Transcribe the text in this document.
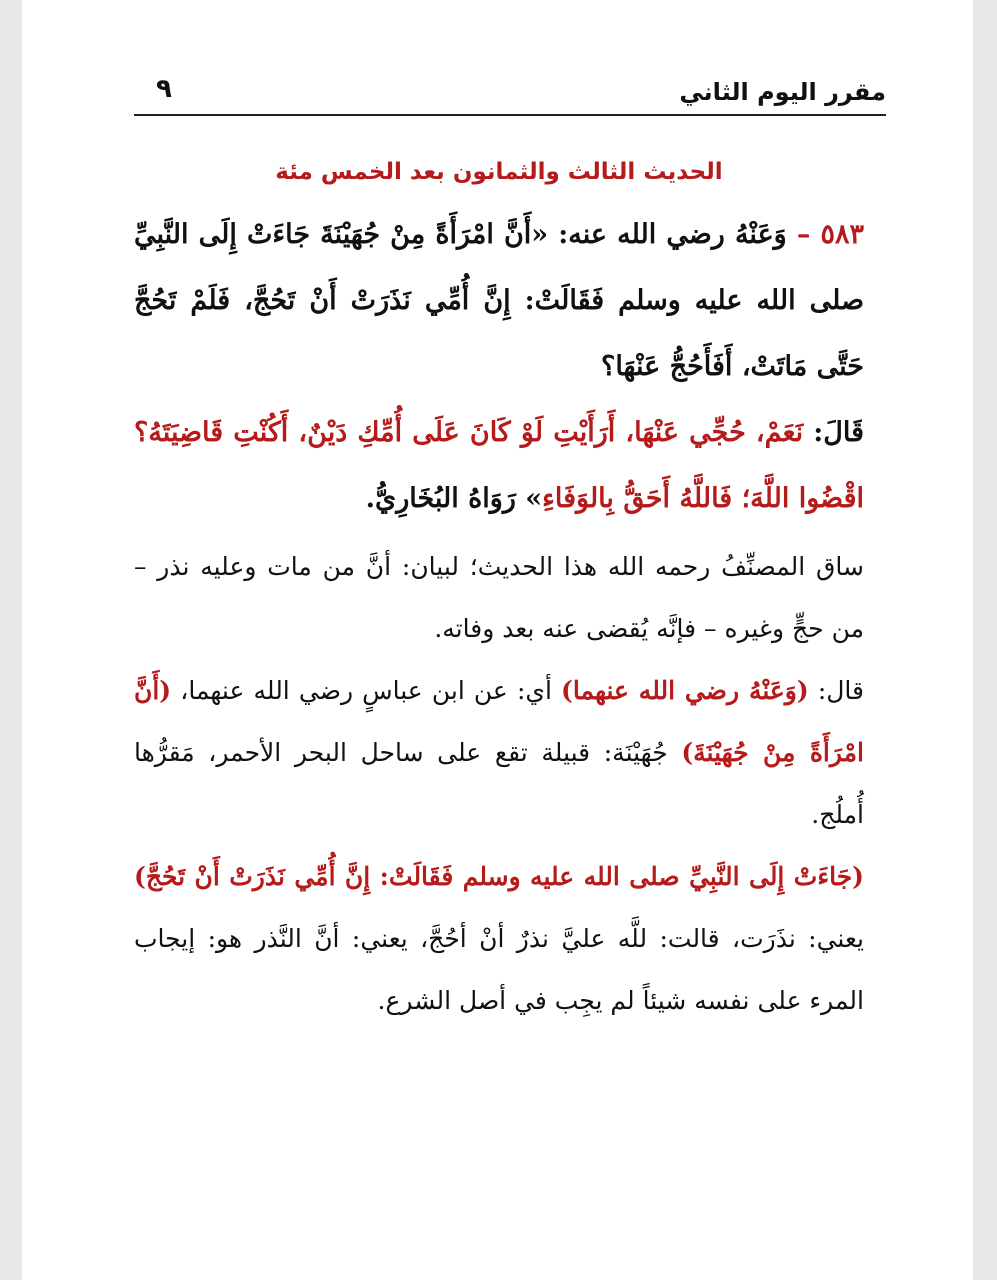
مقرر اليوم الثاني
٩
الحديث الثالث والثمانون بعد الخمس مئة

٥٨٣ – وَعَنْهُ رضي الله عنه: «أَنَّ امْرَأَةً مِنْ جُهَيْنَةَ جَاءَتْ إِلَى النَّبِيِّ صلى الله عليه وسلم فَقَالَتْ: إِنَّ أُمِّي نَذَرَتْ أَنْ تَحُجَّ، فَلَمْ تَحُجَّ حَتَّى مَاتَتْ، أَفَأَحُجُّ عَنْهَا؟

قَالَ: نَعَمْ، حُجِّي عَنْهَا، أَرَأَيْتِ لَوْ كَانَ عَلَى أُمِّكِ دَيْنٌ، أَكُنْتِ قَاضِيَتَهُ؟ اقْضُوا اللَّهَ؛ فَاللَّهُ أَحَقُّ بِالوَفَاءِ» رَوَاهُ البُخَارِيُّ.

ساق المصنِّفُ رحمه الله هذا الحديث؛ لبيان: أنَّ من مات وعليه نذر – من حجٍّ وغيره – فإنَّه يُقضى عنه بعد وفاته.

قال: (وَعَنْهُ رضي الله عنهما) أي: عن ابن عباسٍ رضي الله عنهما، (أَنَّ امْرَأَةً مِنْ جُهَيْنَةَ) جُهَيْنَة: قبيلة تقع على ساحل البحر الأحمر، مَقرُّها أُملُج.

(جَاءَتْ إِلَى النَّبِيِّ صلى الله عليه وسلم فَقَالَتْ: إِنَّ أُمِّي نَذَرَتْ أَنْ تَحُجَّ) يعني: نذَرَت، قالت: للَّه عليَّ نذرٌ أنْ أحُجَّ، يعني: أنَّ النَّذر هو: إيجاب المرء على نفسه شيئاً لم يجِب في أصل الشرع.
